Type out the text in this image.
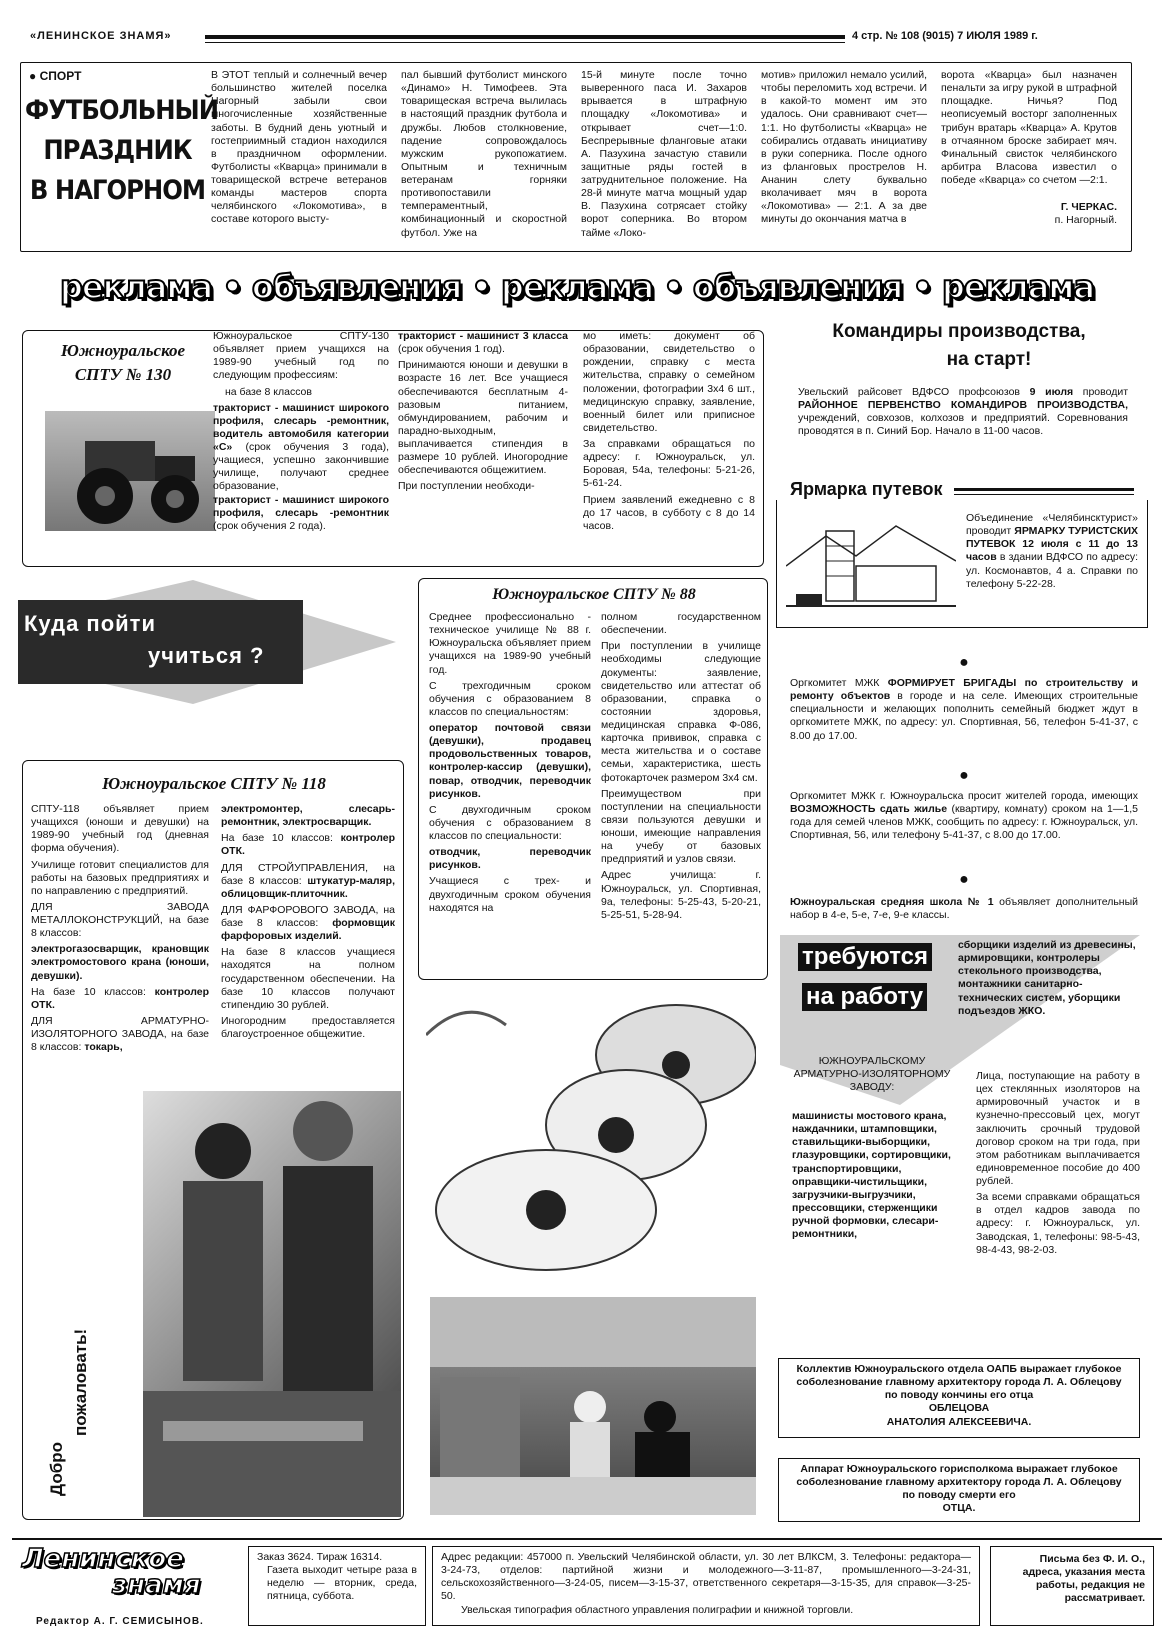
«ЛЕНИНСКОЕ ЗНАМЯ»	4 стр. № 108 (9015) 7 ИЮЛЯ 1989 г.
● СПОРТ
ФУТБОЛЬНЫЙ
ПРАЗДНИК
В НАГОРНОМ
В ЭТОТ теплый и солнечный вечер большинство жителей поселка Нагорный забыли свои многочисленные хозяйственные заботы. В будний день уютный и гостеприимный стадион находился в праздничном оформлении. Футболисты «Кварца» принимали в товарищеской встрече ветеранов команды мастеров спорта челябинского «Локомотива», в составе которого высту-
пал бывший футболист минского «Динамо» Н. Тимофеев. Эта товарищеская встреча вылилась в настоящий праздник футбола и дружбы. Любов столкновение, падение сопровождалось мужским рукопожатием. Опытным и техничным ветеранам горняки противопоставили темпераментный, комбинационный и скоростной футбол. Уже на
15-й минуте после точно выверенного паса И. Захаров врывается в штрафную площадку «Локомотива» и открывает счет—1:0. Беспрерывные фланговые атаки А. Пазухина зачастую ставили защитные ряды гостей в затруднительное положение. На 28-й минуте матча мощный удар В. Пазухина сотрясает стойку ворот соперника. Во втором тайме «Локо-
мотив» приложил немало усилий, чтобы переломить ход встречи. И в какой-то момент им это удалось. Они сравнивают счет—1:1. Но футболисты «Кварца» не собирались отдавать инициативу в руки соперника. После одного из фланговых прострелов Н. Ананин слету буквально вколачивает мяч в ворота «Локомотива» — 2:1. А за две минуты до окончания матча в
ворота «Кварца» был назначен пенальти за игру рукой в штрафной площадке. Ничья? Под неописуемый восторг заполненных трибун вратарь «Кварца» А. Крутов в отчаянном броске забирает мяч. Финальный свисток челябинского арбитра Власова известил о победе «Кварца» со счетом —2:1.
Г. ЧЕРКАС.
п. Нагорный.
реклама • объявления • реклама • объявления • реклама
Южноуральское
СПТУ № 130

Южноуральское СПТУ-130 объявляет прием учащихся на 1989-90 учебный год по следующим профессиям:

на базе 8 классов

тракторист - машинист широкого профиля, слесарь -ремонтник, водитель автомобиля категории «С» (срок обучения 3 года), учащиеся, успешно закончившие училище, получают среднее образование,
тракторист - машинист широкого профиля, слесарь -ремонтник (срок обучения 2 года).

тракторист - машинист 3 класса (срок обучения 1 год).

Принимаются юноши и девушки в возрасте 16 лет. Все учащиеся обеспечиваются бесплатным 4-разовым питанием, обмундированием, рабочим и парадно-выходным, выплачивается стипендия в размере 10 рублей. Иногородние обеспечиваются общежитием.

При поступлении необходи-

мо иметь: документ об образовании, свидетельство о рождении, справку с места жительства, справку о семейном положении, фотографии 3х4 6 шт., медицинскую справку, заявление, военный билет или приписное свидетельство.

За справками обращаться по адресу: г. Южноуральск, ул. Боровая, 54а, телефоны: 5-21-26, 5-61-24.

Прием заявлений ежедневно с 8 до 17 часов, в субботу с 8 до 14 часов.

Командиры производства,
на старт!
Увельский райсовет ВДФСО профсоюзов 9 июля проводит РАЙОННОЕ ПЕРВЕНСТВО КОМАНДИРОВ ПРОИЗВОДСТВА, учреждений, совхозов, колхозов и предприятий. Соревнования проводятся в п. Синий Бор. Начало в 11-00 часов.
Ярмарка путевок
Объединение «Челябинсктурист» проводит ЯРМАРКУ ТУРИСТСКИХ ПУТЕВОК 12 июля с 11 до 13 часов в здании ВДФСО по адресу: ул. Космонавтов, 4 а. Справки по телефону 5-22-28.
Куда пойти
учиться ?
Южноуральское СПТУ № 88

Среднее профессионально - техническое училище № 88 г. Южноуральска объявляет прием учащихся на 1989-90 учебный год.

С трехгодичным сроком обучения с образованием 8 классов по специальностям:

оператор почтовой связи (девушки), продавец продовольственных товаров, контролер-кассир (девушки), повар, отводчик, переводчик рисунков.

С двухгодичным сроком обучения с образованием 8 классов по специальности:

отводчик, переводчик рисунков.

Учащиеся с трех- и двухгодичным сроком обучения находятся на

полном государственном обеспечении.

При поступлении в училище необходимы следующие документы: заявление, свидетельство или аттестат об образовании, справка о состоянии здоровья, медицинская справка Ф-086, карточка прививок, справка с места жительства и о составе семьи, характеристика, шесть фотокарточек размером 3х4 см.

Преимуществом при поступлении на специальности связи пользуются девушки и юноши, имеющие направления на учебу от базовых предприятий и узлов связи.

Адрес училища: г. Южноуральск, ул. Спортивная, 9а, телефоны: 5-25-43, 5-20-21, 5-25-51, 5-28-94.

Южноуральское СПТУ № 118

СПТУ-118 объявляет прием учащихся (юноши и девушки) на 1989-90 учебный год (дневная форма обучения).

Училище готовит специалистов для работы на базовых предприятиях и по направлению с предприятий.

ДЛЯ ЗАВОДА МЕТАЛЛОКОНСТРУКЦИЙ, на базе 8 классов:

электрогазосварщик, крановщик электромостового крана (юноши, девушки).

На базе 10 классов: контролер ОТК.

ДЛЯ АРМАТУРНО-ИЗОЛЯТОРНОГО ЗАВОДА, на базе 8 классов: токарь,

электромонтер, слесарь-ремонтник, электросварщик.

На базе 10 классов: контролер ОТК.

ДЛЯ СТРОЙУПРАВЛЕНИЯ, на базе 8 классов: штукатур-маляр, облицовщик-плиточник.

ДЛЯ ФАРФОРОВОГО ЗАВОДА, на базе 8 классов: формовщик фарфоровых изделий.

На базе 8 классов учащиеся находятся на полном государственном обеспечении. На базе 10 классов получают стипендию 30 рублей.

Иногородним предоставляется благоустроенное общежитие.

Добро
пожаловать!
●
Оргкомитет МЖК ФОРМИРУЕТ БРИГАДЫ по строительству и ремонту объектов в городе и на селе. Имеющих строительные специальности и желающих пополнить семейный бюджет ждут в оргкомитете МЖК, по адресу: ул. Спортивная, 56, телефон 5-41-37, с 8.00 до 17.00.
●
Оргкомитет МЖК г. Южноуральска просит жителей города, имеющих ВОЗМОЖНОСТЬ сдать жилье (квартиру, комнату) сроком на 1—1,5 года для семей членов МЖК, сообщить по адресу: г. Южноуральск, ул. Спортивная, 56, или телефону 5-41-37, с 8.00 до 17.00.
●
Южноуральская средняя школа № 1 объявляет дополнительный набор в 4-е, 5-е, 7-е, 9-е классы.
требуются
на работу
сборщики изделий из древесины, армировщики, контролеры стекольного производства, монтажники санитарно-технических систем, уборщики подъездов ЖКО.
ЮЖНОУРАЛЬСКОМУ АРМАТУРНО-ИЗОЛЯТОРНОМУ ЗАВОДУ:
машинисты мостового крана, наждачники, штамповщики, ставильщики-выборщики, глазуровщики, сортировщики, транспортировщики, оправщики-чистильщики, загрузчики-выгрузчики, прессовщики, стерженщики ручной формовки, слесари-ремонтники,

Лица, поступающие на работу в цех стеклянных изоляторов на армировочный участок и в кузнечно-прессовый цех, могут заключить срочный трудовой договор сроком на три года, при этом работникам выплачивается единовременное пособие до 400 рублей.

За всеми справками обращаться в отдел кадров завода по адресу: г. Южноуральск, ул. Заводская, 1, телефоны: 98-5-43, 98-4-43, 98-2-03.

Коллектив Южноуральского отдела ОАПБ выражает глубокое соболезнование главному архитектору города Л. А. Облецову по поводу кончины его отца
ОБЛЕЦОВА
АНАТОЛИЯ АЛЕКСЕЕВИЧА.
Аппарат Южноуральского горисполкома выражает глубокое соболезнование главному архитектору города Л. А. Облецову по поводу смерти его
ОТЦА.
Ленинское
знамя
Редактор А. Г. СЕМИСЫНОВ.
Заказ 3624. Тираж 16314.
Газета выходит четыре раза в неделю — вторник, среда, пятница, суббота.
Адрес редакции: 457000 п. Увельский Челябинской области, ул. 30 лет ВЛКСМ, 3. Телефоны: редактора—3-24-73, отделов: партийной жизни и молодежного—3-11-87, промышленного—3-24-31, сельскохозяйственного—3-24-05, писем—3-15-37, ответственного секретаря—3-15-35, для справок—3-25-50.
Увельская типография областного управления полиграфии и книжной торговли.
Письма без Ф. И. О., адреса, указания места работы, редакция не рассматривает.
